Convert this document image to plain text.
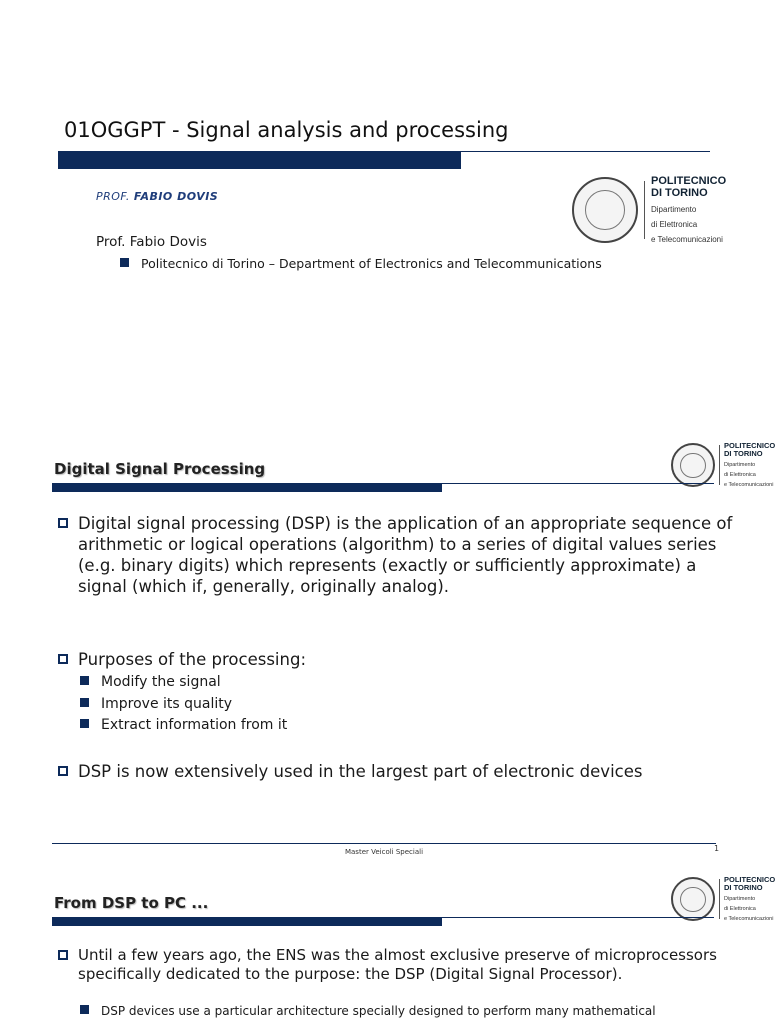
01OGGPT - Signal analysis and processing
PROF. FABIO DOVIS
POLITECNICO
DI TORINO
Dipartimento
di Elettronica
e Telecomunicazioni
Prof. Fabio Dovis
Politecnico di Torino – Department of Electronics and Telecommunications
POLITECNICO
DI TORINO
Dipartimento
di Elettronica
e Telecomunicazioni
Digital Signal Processing
Digital signal processing (DSP) is the application of an appropriate sequence of arithmetic or logical operations (algorithm) to a series of digital values series (e.g. binary digits) which represents (exactly or sufficiently approximate) a signal (which if, generally, originally analog).
Purposes of the processing:
Modify the signal
Improve its quality
Extract information from it
DSP is now extensively used in the largest part of electronic devices
Master Veicoli Speciali	1
POLITECNICO
DI TORINO
Dipartimento
di Elettronica
e Telecomunicazioni
From DSP to PC ...
Until a few years ago, the ENS was the almost exclusive preserve of microprocessors specifically dedicated to the purpose: the DSP (Digital Signal Processor).
DSP devices use a particular architecture specially designed to perform many mathematical
